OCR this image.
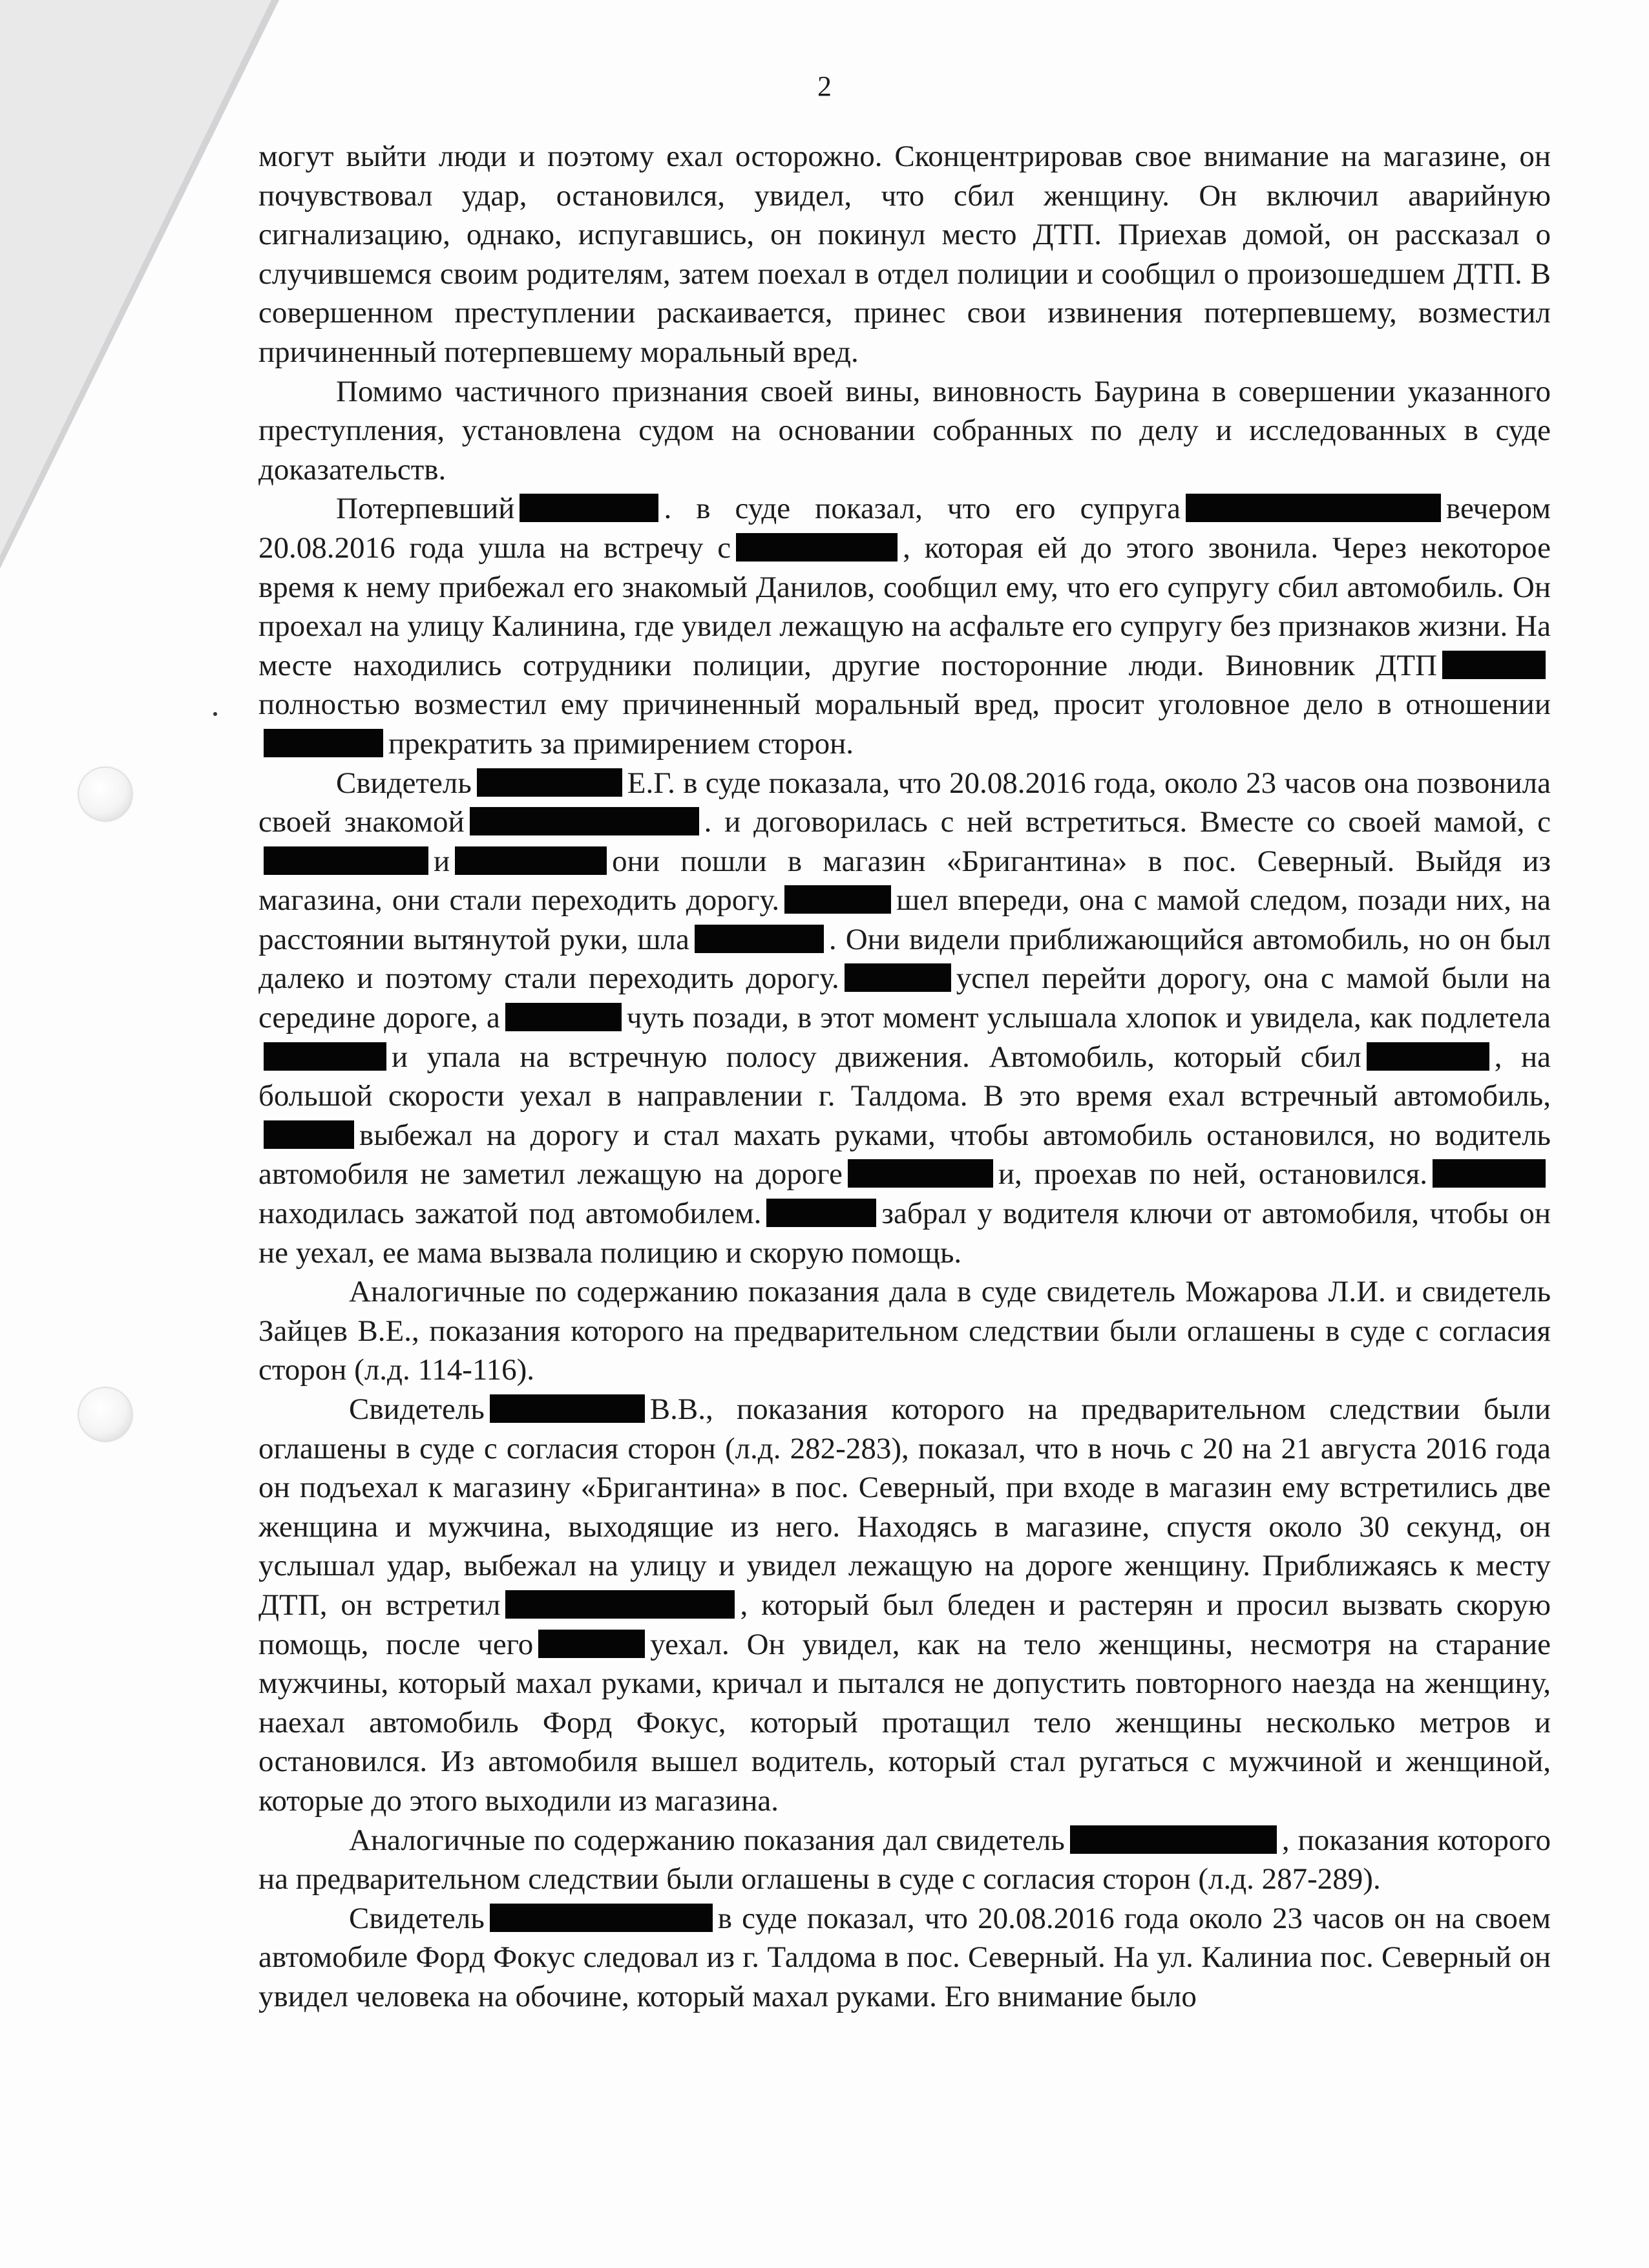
2

могут выйти люди и поэтому ехал осторожно. Сконцентрировав свое внимание на магазине, он почувствовал удар, остановился, увидел, что сбил женщину. Он включил аварийную сигнализацию, однако, испугавшись, он покинул место ДТП. Приехав домой, он рассказал о случившемся своим родителям, затем поехал в отдел полиции и сообщил о произошедшем ДТП. В совершенном преступлении раскаивается, принес свои извинения потерпевшему, возместил причиненный потерпевшему моральный вред.

Помимо частичного признания своей вины, виновность Баурина в совершении указанного преступления, установлена судом на основании собранных по делу и исследованных в суде доказательств.

Потерпевший	. в суде показал, что его супруга	вечером 20.08.2016 года ушла на встречу с	, которая ей до этого звонила. Через некоторое время к нему прибежал его знакомый Данилов, сообщил ему, что его супругу сбил автомобиль. Он проехал на улицу Калинина, где увидел лежащую на асфальте его супругу без признаков жизни. На месте находились сотрудники полиции, другие посторонние люди. Виновник ДТПполностью возместил ему причиненный моральный вред, просит уголовное дело в отношениипрекратить за примирением сторон.

Свидетель	Е.Г. в суде показала, что 20.08.2016 года, около 23 часов она позвонила своей знакомой	. и договорилась с ней встретиться. Вместе со своей мамой, си	они пошли в магазин «Бригантина» в пос. Северный. Выйдя из магазина, они стали переходить дорогу.	шел впереди, она с мамой следом, позади них, на расстоянии вытянутой руки, шла	. Они видели приближающийся автомобиль, но он был далеко и поэтому стали переходить дорогу.	успел перейти дорогу, она с мамой были на середине дороге, а	чуть позади, в этот момент услышала хлопок и увидела, как подлетелаи упала на встречную полосу движения. Автомобиль, который сбил	, на большой скорости уехал в направлении г. Талдома. В это время ехал встречный автомобиль,выбежал на дорогу и стал махать руками, чтобы автомобиль остановился, но водитель автомобиля не заметил лежащую на дороге	и, проехав по ней, остановился.находилась зажатой под автомобилем.	забрал у водителя ключи от автомобиля, чтобы он не уехал, ее мама вызвала полицию и скорую помощь.

Аналогичные по содержанию показания дала в суде свидетель Можарова Л.И. и свидетель Зайцев В.Е., показания которого на предварительном следствии были оглашены в суде с согласия сторон (л.д. 114-116).

Свидетель	В.В., показания которого на предварительном следствии были оглашены в суде с согласия сторон (л.д. 282-283), показал, что в ночь с 20 на 21 августа 2016 года он подъехал к магазину «Бригантина» в пос. Северный, при входе в магазин ему встретились две женщина и мужчина, выходящие из него. Находясь в магазине, спустя около 30 секунд, он услышал удар, выбежал на улицу и увидел лежащую на дороге женщину. Приближаясь к месту ДТП, он встретил	, который был бледен и растерян и просил вызвать скорую помощь, после чего	уехал. Он увидел, как на тело женщины, несмотря на старание мужчины, который махал руками, кричал и пытался не допустить повторного наезда на женщину, наехал автомобиль Форд Фокус, который протащил тело женщины несколько метров и остановился. Из автомобиля вышел водитель, который стал ругаться с мужчиной и женщиной, которые до этого выходили из магазина.

Аналогичные по содержанию показания дал свидетель	, показания которого на предварительном следствии были оглашены в суде с согласия сторон (л.д. 287-289).

Свидетель	в суде показал, что 20.08.2016 года около 23 часов он на своем автомобиле Форд Фокус следовал из г. Талдома в пос. Северный. На ул. Калиниа пос. Северный он увидел человека на обочине, который махал руками. Его внимание было
